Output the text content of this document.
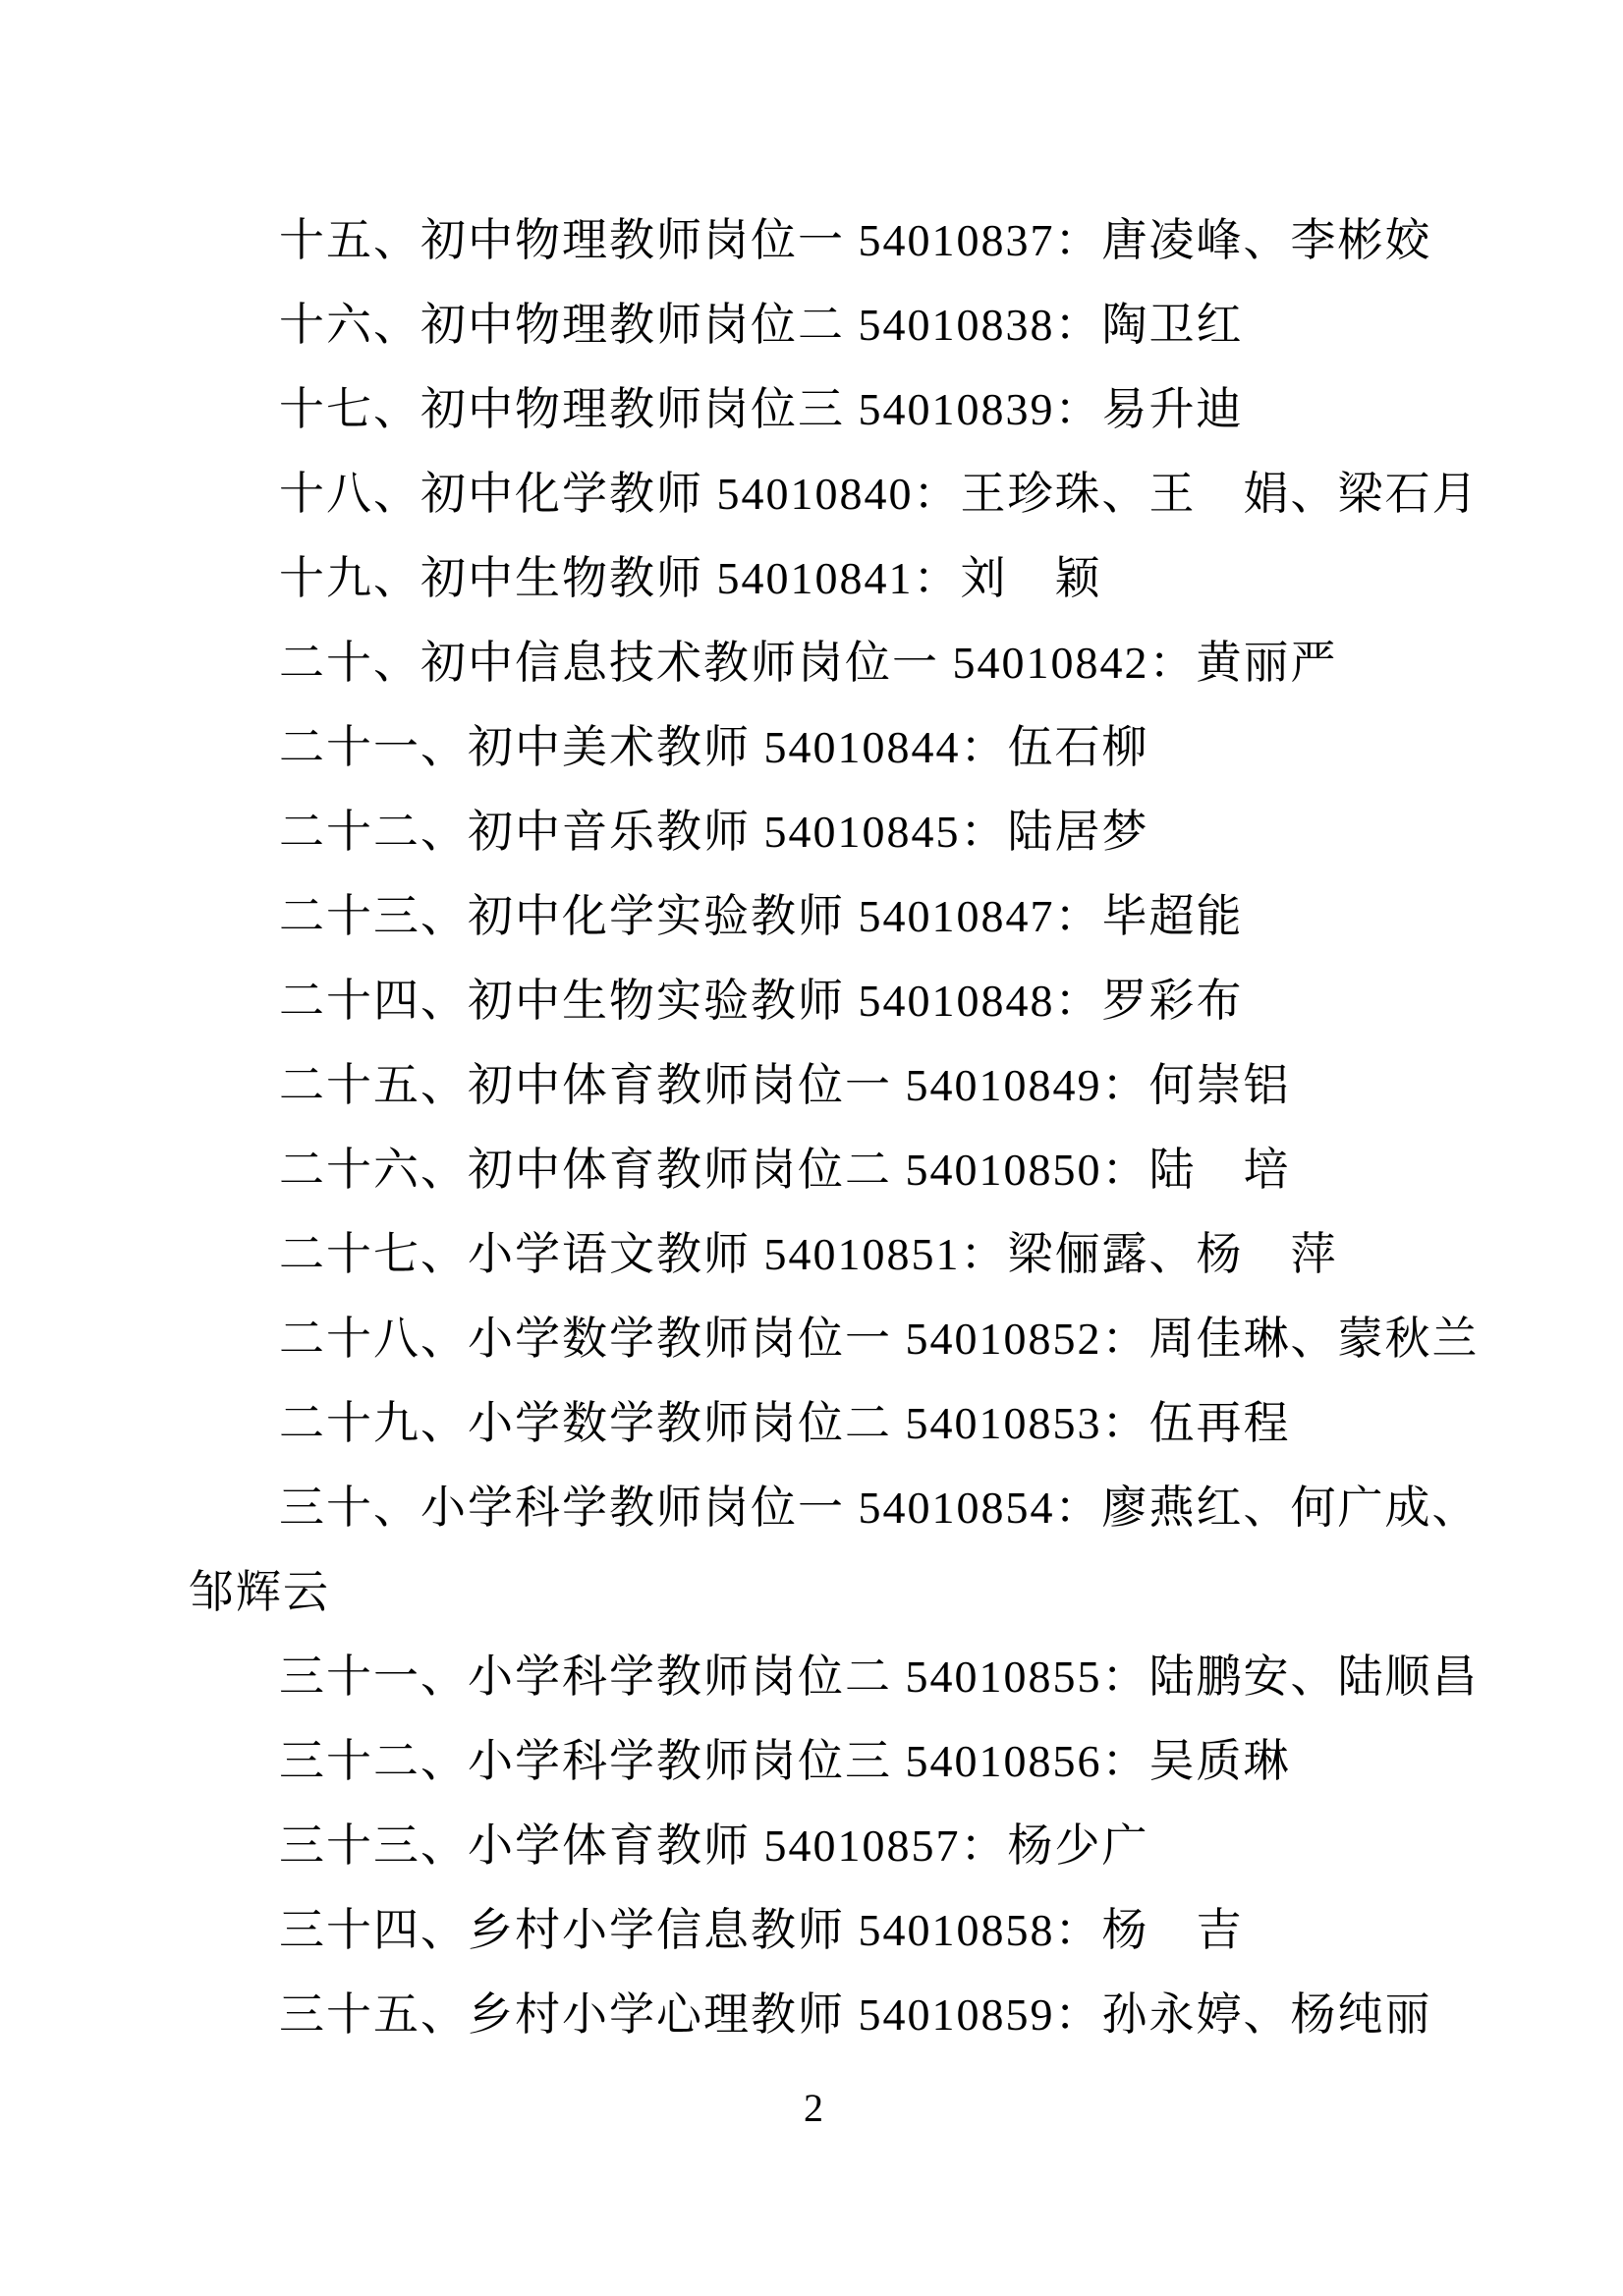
十五、初中物理教师岗位一 54010837：唐凌峰、李彬姣

十六、初中物理教师岗位二 54010838：陶卫红

十七、初中物理教师岗位三 54010839：易升迪

十八、初中化学教师 54010840：王珍珠、王　娟、梁石月

十九、初中生物教师 54010841：刘　颖

二十、初中信息技术教师岗位一 54010842：黄丽严

二十一、初中美术教师 54010844：伍石柳

二十二、初中音乐教师 54010845：陆居梦

二十三、初中化学实验教师 54010847：毕超能

二十四、初中生物实验教师 54010848：罗彩布

二十五、初中体育教师岗位一 54010849：何崇铝

二十六、初中体育教师岗位二 54010850：陆　培

二十七、小学语文教师 54010851：梁俪露、杨　萍

二十八、小学数学教师岗位一 54010852：周佳琳、蒙秋兰

二十九、小学数学教师岗位二 54010853：伍再程

三十、小学科学教师岗位一 54010854：廖燕红、何广成、

邹辉云

三十一、小学科学教师岗位二 54010855：陆鹏安、陆顺昌

三十二、小学科学教师岗位三 54010856：吴质琳

三十三、小学体育教师 54010857：杨少广

三十四、乡村小学信息教师 54010858：杨　吉

三十五、乡村小学心理教师 54010859：孙永婷、杨纯丽

2
